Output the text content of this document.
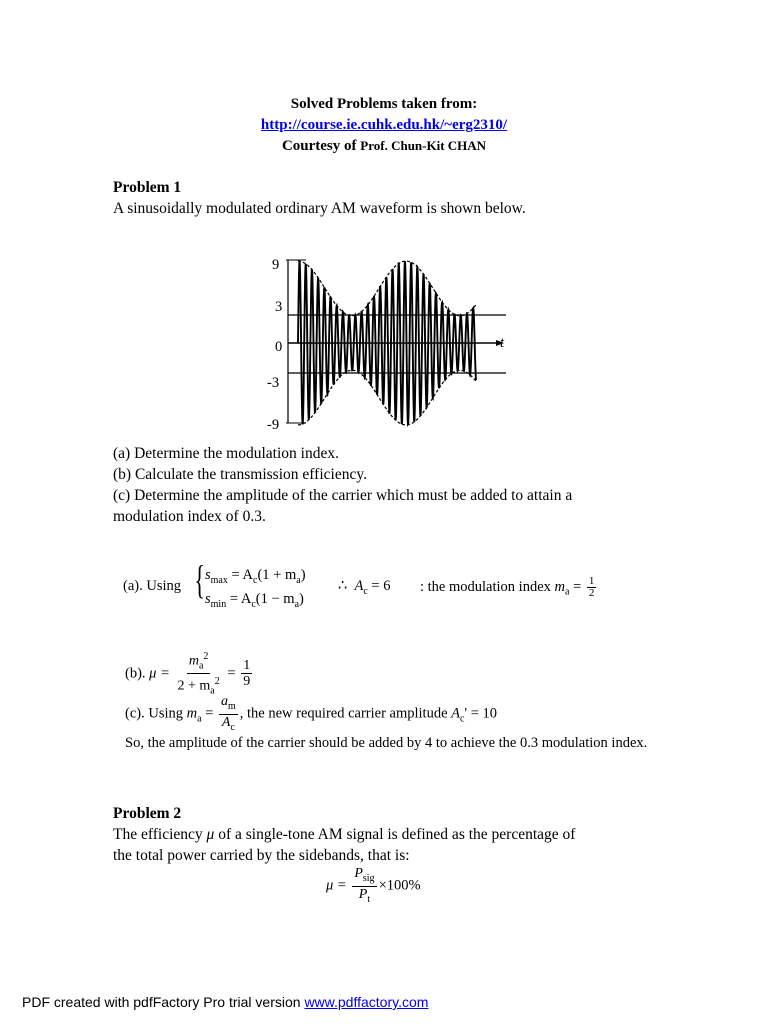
Solved Problems taken from:
http://course.ie.cuhk.edu.hk/~erg2310/
Courtesy of Prof. Chun-Kit CHAN
Problem 1
A sinusoidally modulated ordinary AM waveform is shown below.
9
3
0
-3
-9
(a) Determine the modulation index.
(b) Calculate the transmission efficiency.
(c) Determine the amplitude of the carrier which must be added to attain a
modulation index of 0.3.
(a). Using { $s_{max} = A_c(1 + m_a)$
$s_{min} = A_c(1 - m_a)$
∴ $A_c = 6$ : the modulation index $m_a = \frac{1}{2}$
(b). $\mu = \frac{m_a^2}{2 + m_a^2} = \frac{1}{9}$
(c). Using $m_a = \frac{a_m}{A_c}$ , the new required carrier amplitude $A_c' = 10$
So, the amplitude of the carrier should be added by 4 to achieve the 0.3 modulation index.
Problem 2
The efficiency μ of a single-tone AM signal is defined as the percentage of
the total power carried by the sidebands, that is:
$\mu = \frac{P_{sig}}{P_t} \times 100\%$
PDF created with pdfFactory Pro trial version www.pdffactory.com
